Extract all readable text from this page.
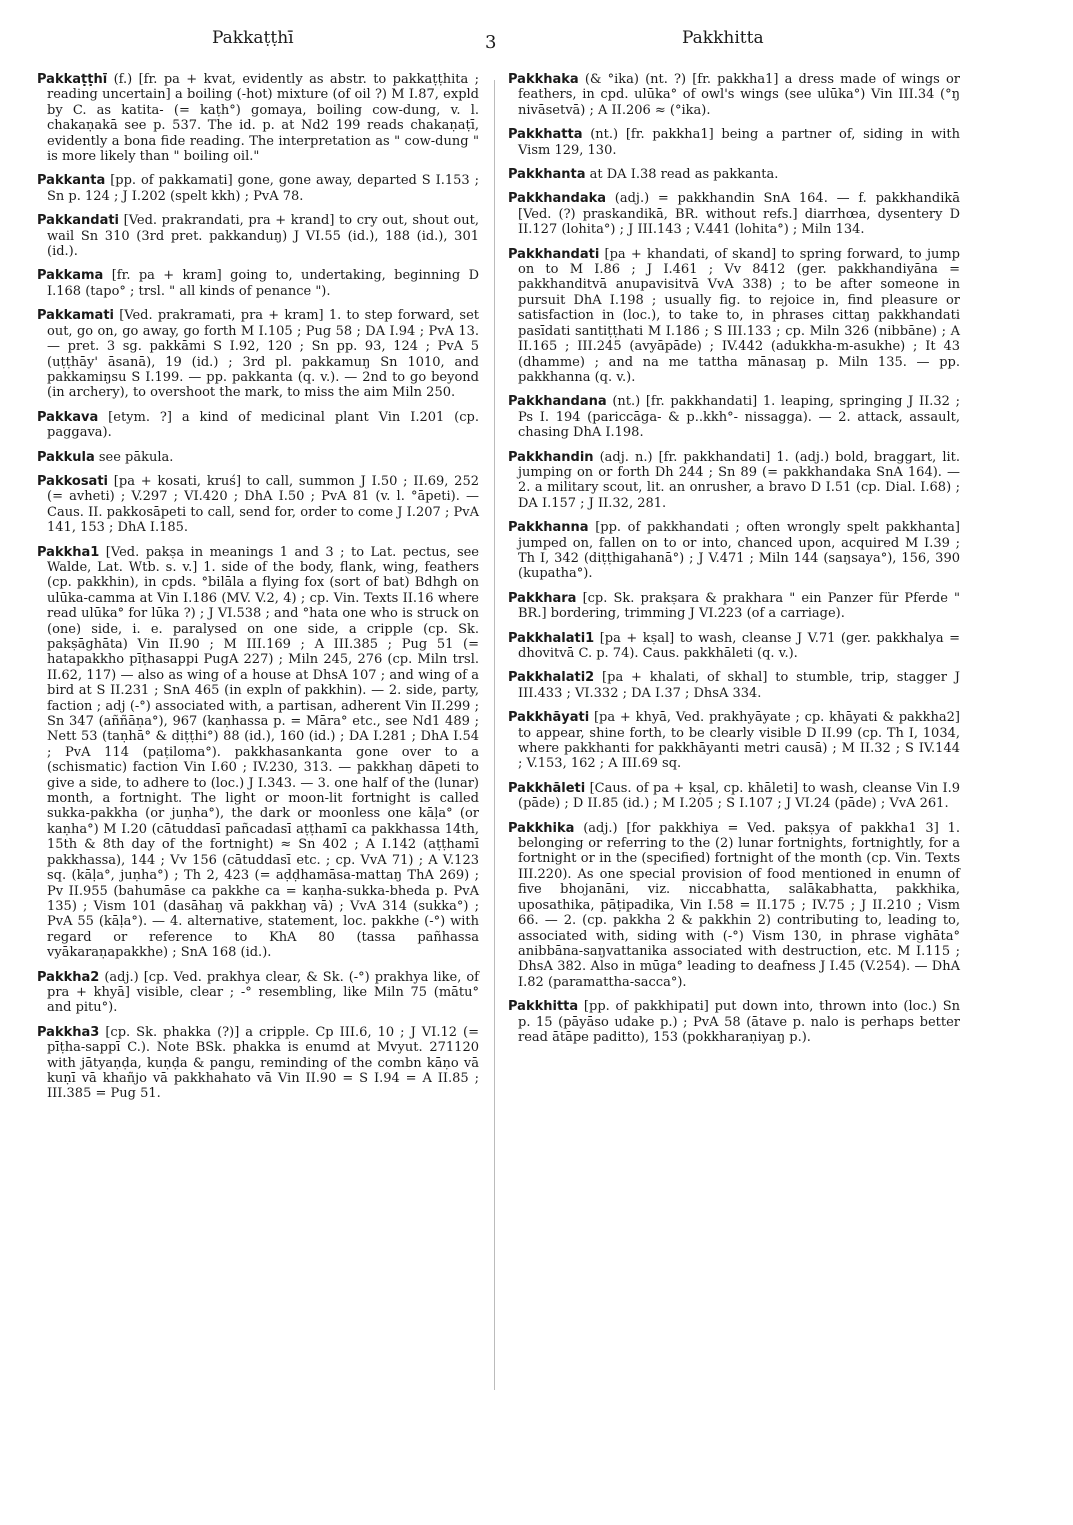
Pakkaṭṭhī	3	Pakkhitta

Pakkaṭṭhī (f.) [fr. pa + kvat, evidently as abstr. to pakkaṭṭhita ; reading uncertain] a boiling (-hot) mixture (of oil ?) M I.87, expld by C. as katita- (= kaṭh°) gomaya, boiling cow-dung, v. l. chakaṇakā see p. 537. The id. p. at Nd2 199 reads chakaṇaṭī, evidently a bona fide reading. The interpretation as " cow-dung " is more likely than " boiling oil."

Pakkanta [pp. of pakkamati] gone, gone away, departed S I.153 ; Sn p. 124 ; J I.202 (spelt kkh) ; PvA 78.

Pakkandati [Ved. prakrandati, pra + krand] to cry out, shout out, wail Sn 310 (3rd pret. pakkanduŋ) J VI.55 (id.), 188 (id.), 301 (id.).

Pakkama [fr. pa + kram] going to, undertaking, beginning D I.168 (tapo° ; trsl. " all kinds of penance ").

Pakkamati [Ved. prakramati, pra + kram] 1. to step forward, set out, go on, go away, go forth M I.105 ; Pug 58 ; DA I.94 ; PvA 13. — pret. 3 sg. pakkāmi S I.92, 120 ; Sn pp. 93, 124 ; PvA 5 (uṭṭhāy' āsanā), 19 (id.) ; 3rd pl. pakkamuŋ Sn 1010, and pakkamiŋsu S I.199. — pp. pakkanta (q. v.). — 2nd to go beyond (in archery), to overshoot the mark, to miss the aim Miln 250.

Pakkava [etym. ?] a kind of medicinal plant Vin I.201 (cp. paggava).

Pakkula see pākula.

Pakkosati [pa + kosati, kruś] to call, summon J I.50 ; II.69, 252 (= avheti) ; V.297 ; VI.420 ; DhA I.50 ; PvA 81 (v. l. °āpeti). — Caus. II. pakkosāpeti to call, send for, order to come J I.207 ; PvA 141, 153 ; DhA I.185.

Pakkha1 [Ved. pakṣa in meanings 1 and 3 ; to Lat. pectus, see Walde, Lat. Wtb. s. v.] 1. side of the body, flank, wing, feathers (cp. pakkhin), in cpds. °bilāla a flying fox (sort of bat) Bdhgh on ulūka-camma at Vin I.186 (MV. V.2, 4) ; cp. Vin. Texts II.16 where read ulūka° for lūka ?) ; J VI.538 ; and °hata one who is struck on (one) side, i. e. paralysed on one side, a cripple (cp. Sk. pakṣāghāta) Vin II.90 ; M III.169 ; A III.385 ; Pug 51 (= hatapakkho pīṭhasappi PugA 227) ; Miln 245, 276 (cp. Miln trsl. II.62, 117) — also as wing of a house at DhsA 107 ; and wing of a bird at S II.231 ; SnA 465 (in expln of pakkhin). — 2. side, party, faction ; adj (-°) associated with, a partisan, adherent Vin II.299 ; Sn 347 (aññāṇa°), 967 (kaṇhassa p. = Māra° etc., see Nd1 489 ; Nett 53 (taṇhā° & diṭṭhi°) 88 (id.), 160 (id.) ; DA I.281 ; DhA I.54 ; PvA 114 (paṭiloma°). pakkhasankanta gone over to a (schismatic) faction Vin I.60 ; IV.230, 313. — pakkhaŋ dāpeti to give a side, to adhere to (loc.) J I.343. — 3. one half of the (lunar) month, a fortnight. The light or moon-lit fortnight is called sukka-pakkha (or juṇha°), the dark or moonless one kāḷa° (or kaṇha°) M I.20 (cātuddasī pañcadasī aṭṭhamī ca pakkhassa 14th, 15th & 8th day of the fortnight) ≈ Sn 402 ; A I.142 (aṭṭhamī pakkhassa), 144 ; Vv 156 (cātuddasī etc. ; cp. VvA 71) ; A V.123 sq. (kāḷa°, juṇha°) ; Th 2, 423 (= aḍḍhamāsa-mattaŋ ThA 269) ; Pv II.955 (bahumāse ca pakkhe ca = kaṇha-sukka-bheda p. PvA 135) ; Vism 101 (dasāhaŋ vā pakkhaŋ vā) ; VvA 314 (sukka°) ; PvA 55 (kāḷa°). — 4. alternative, statement, loc. pakkhe (-°) with regard or reference to KhA 80 (tassa pañhassa vyākaraṇapakkhe) ; SnA 168 (id.).

Pakkha2 (adj.) [cp. Ved. prakhya clear, & Sk. (-°) prakhya like, of pra + khyā] visible, clear ; -° resembling, like Miln 75 (mātu° and pitu°).

Pakkha3 [cp. Sk. phakka (?)] a cripple. Cp III.6, 10 ; J VI.12 (= pīṭha-sappī C.). Note BSk. phakka is enumd at Mvyut. 271120 with jātyaṇḍa, kuṇḍa & pangu, reminding of the combn kāṇo vā kuṇī vā khañjo vā pakkhahato vā Vin II.90 = S I.94 = A II.85 ; III.385 = Pug 51.

Pakkhaka (& °ika) (nt. ?) [fr. pakkha1] a dress made of wings or feathers, in cpd. ulūka° of owl's wings (see ulūka°) Vin III.34 (°ŋ nivāsetvā) ; A II.206 ≈ (°ika).

Pakkhatta (nt.) [fr. pakkha1] being a partner of, siding in with Vism 129, 130.

Pakkhanta at DA I.38 read as pakkanta.

Pakkhandaka (adj.) = pakkhandin SnA 164. — f. pakkhandikā [Ved. (?) praskandikā, BR. without refs.] diarrhœa, dysentery D II.127 (lohita°) ; J III.143 ; V.441 (lohita°) ; Miln 134.

Pakkhandati [pa + khandati, of skand] to spring forward, to jump on to M I.86 ; J I.461 ; Vv 8412 (ger. pakkhandiyāna = pakkhanditvā anupavisitvā VvA 338) ; to be after someone in pursuit DhA I.198 ; usually fig. to rejoice in, find pleasure or satisfaction in (loc.), to take to, in phrases cittaŋ pakkhandati pasīdati santiṭṭhati M I.186 ; S III.133 ; cp. Miln 326 (nibbāne) ; A II.165 ; III.245 (avyāpāde) ; IV.442 (adukkha-m-asukhe) ; It 43 (dhamme) ; and na me tattha mānasaŋ p. Miln 135. — pp. pakkhanna (q. v.).

Pakkhandana (nt.) [fr. pakkhandati] 1. leaping, springing J II.32 ; Ps I. 194 (pariccāga- & p..kkh°- nissagga). — 2. attack, assault, chasing DhA I.198.

Pakkhandin (adj. n.) [fr. pakkhandati] 1. (adj.) bold, braggart, lit. jumping on or forth Dh 244 ; Sn 89 (= pakkhandaka SnA 164). — 2. a military scout, lit. an onrusher, a bravo D I.51 (cp. Dial. I.68) ; DA I.157 ; J II.32, 281.

Pakkhanna [pp. of pakkhandati ; often wrongly spelt pakkhanta] jumped on, fallen on to or into, chanced upon, acquired M I.39 ; Th I, 342 (diṭṭhigahanā°) ; J V.471 ; Miln 144 (saŋsaya°), 156, 390 (kupatha°).

Pakkhara [cp. Sk. prakṣara & prakhara " ein Panzer für Pferde " BR.] bordering, trimming J VI.223 (of a carriage).

Pakkhalati1 [pa + kṣal] to wash, cleanse J V.71 (ger. pakkhalya = dhovitvā C. p. 74). Caus. pakkhāleti (q. v.).

Pakkhalati2 [pa + khalati, of skhal] to stumble, trip, stagger J III.433 ; VI.332 ; DA I.37 ; DhsA 334.

Pakkhāyati [pa + khyā, Ved. prakhyāyate ; cp. khāyati & pakkha2] to appear, shine forth, to be clearly visible D II.99 (cp. Th I, 1034, where pakkhanti for pakkhāyanti metri causā) ; M II.32 ; S IV.144 ; V.153, 162 ; A III.69 sq.

Pakkhāleti [Caus. of pa + kṣal, cp. khāleti] to wash, cleanse Vin I.9 (pāde) ; D II.85 (id.) ; M I.205 ; S I.107 ; J VI.24 (pāde) ; VvA 261.

Pakkhika (adj.) [for pakkhiya = Ved. pakṣya of pakkha1 3] 1. belonging or referring to the (2) lunar fortnights, fortnightly, for a fortnight or in the (specified) fortnight of the month (cp. Vin. Texts III.220). As one special provision of food mentioned in enumn of five bhojanāni, viz. niccabhatta, salākabhatta, pakkhika, uposathika, pāṭipadika, Vin I.58 = II.175 ; IV.75 ; J II.210 ; Vism 66. — 2. (cp. pakkha 2 & pakkhin 2) contributing to, leading to, associated with, siding with (-°) Vism 130, in phrase vighāta° anibbāna-saŋvattanika associated with destruction, etc. M I.115 ; DhsA 382. Also in mūga° leading to deafness J I.45 (V.254). — DhA I.82 (paramattha-sacca°).

Pakkhitta [pp. of pakkhipati] put down into, thrown into (loc.) Sn p. 15 (pāyāso udake p.) ; PvA 58 (ātave p. nalo is perhaps better read ātāpe padittо), 153 (pokkharaṇiyaŋ p.).
